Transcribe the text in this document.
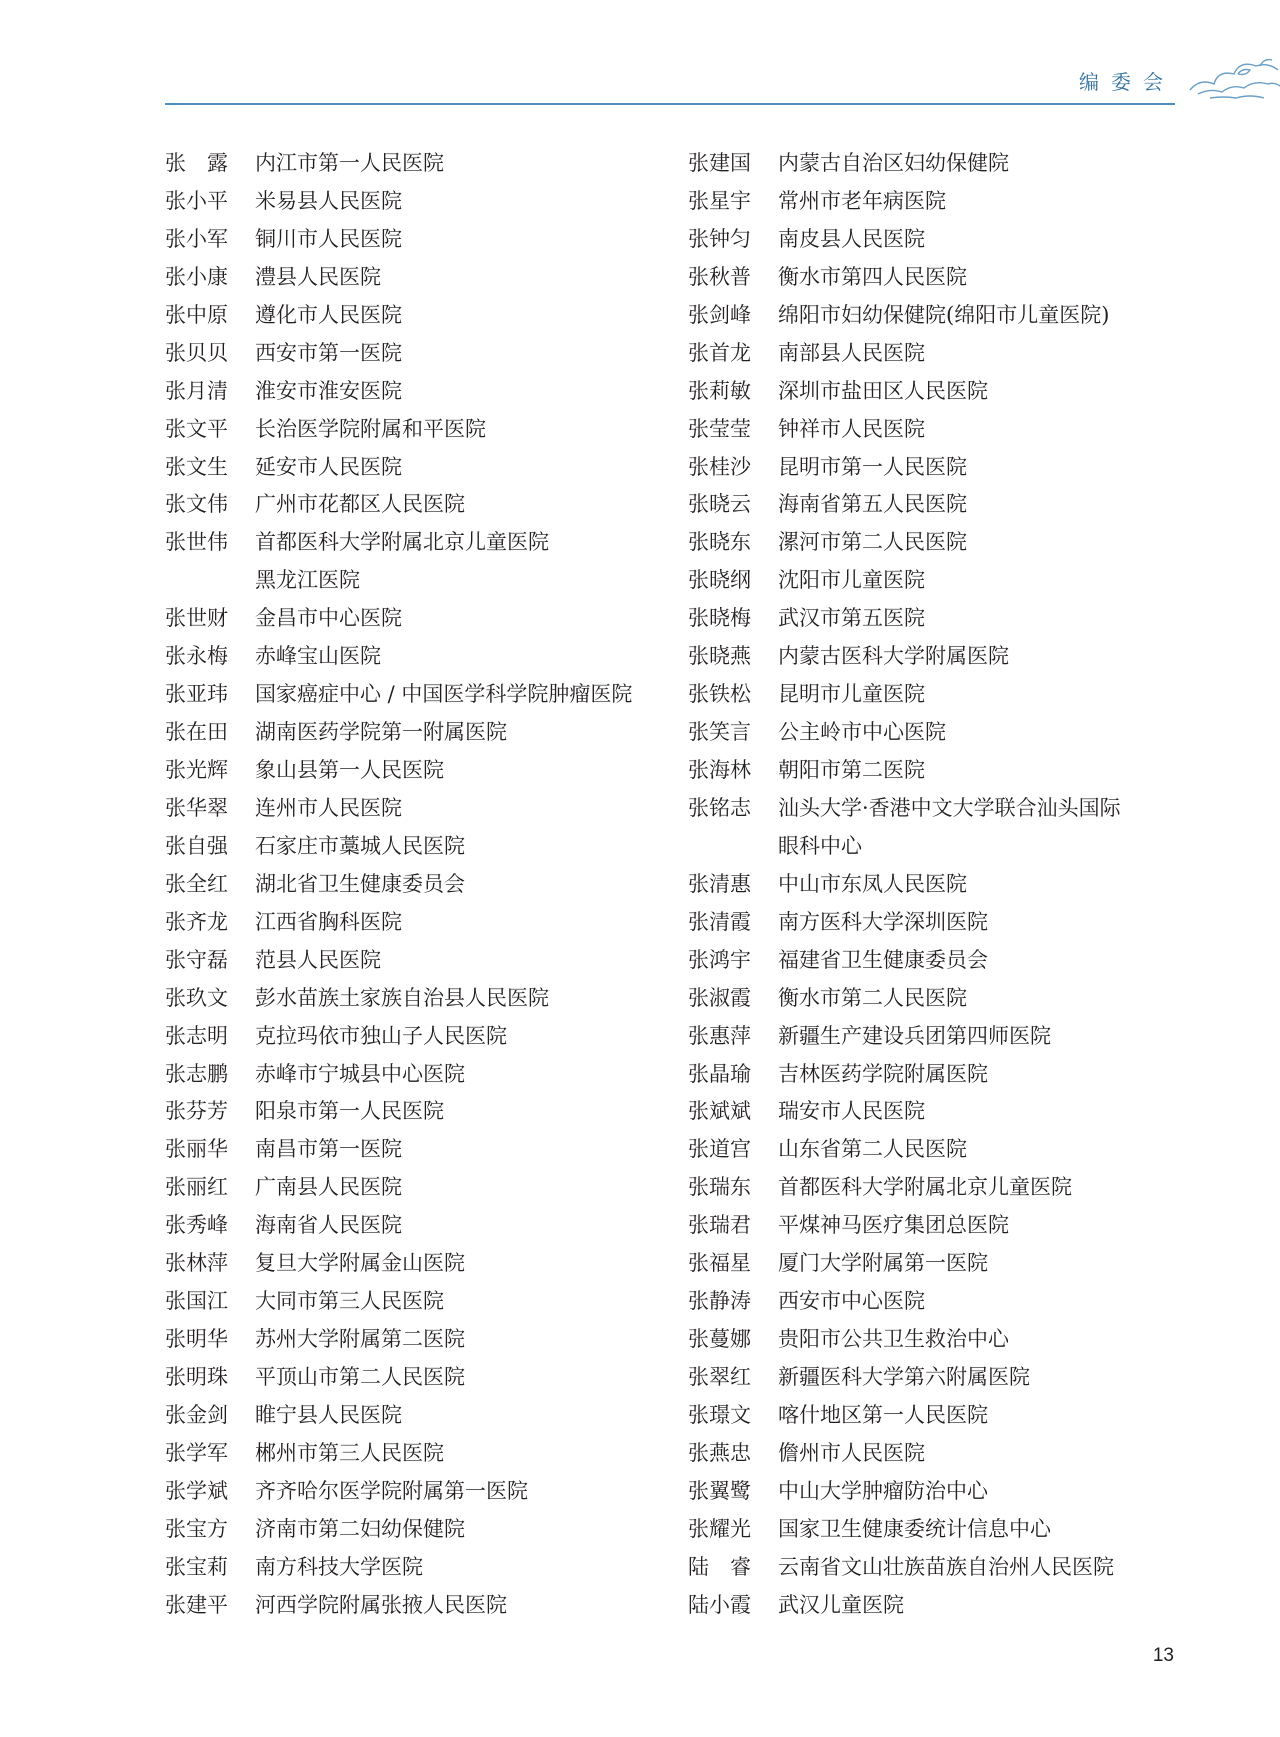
编委会
张　露	内江市第一人民医院
张小平	米易县人民医院
张小军	铜川市人民医院
张小康	澧县人民医院
张中原	遵化市人民医院
张贝贝	西安市第一医院
张月清	淮安市淮安医院
张文平	长治医学院附属和平医院
张文生	延安市人民医院
张文伟	广州市花都区人民医院
张世伟	首都医科大学附属北京儿童医院
黑龙江医院
张世财	金昌市中心医院
张永梅	赤峰宝山医院
张亚玮	国家癌症中心 / 中国医学科学院肿瘤医院
张在田	湖南医药学院第一附属医院
张光辉	象山县第一人民医院
张华翠	连州市人民医院
张自强	石家庄市藁城人民医院
张全红	湖北省卫生健康委员会
张齐龙	江西省胸科医院
张守磊	范县人民医院
张玖文	彭水苗族土家族自治县人民医院
张志明	克拉玛依市独山子人民医院
张志鹏	赤峰市宁城县中心医院
张芬芳	阳泉市第一人民医院
张丽华	南昌市第一医院
张丽红	广南县人民医院
张秀峰	海南省人民医院
张林萍	复旦大学附属金山医院
张国江	大同市第三人民医院
张明华	苏州大学附属第二医院
张明珠	平顶山市第二人民医院
张金剑	睢宁县人民医院
张学军	郴州市第三人民医院
张学斌	齐齐哈尔医学院附属第一医院
张宝方	济南市第二妇幼保健院
张宝莉	南方科技大学医院
张建平	河西学院附属张掖人民医院
张建国	内蒙古自治区妇幼保健院
张星宇	常州市老年病医院
张钟匀	南皮县人民医院
张秋普	衡水市第四人民医院
张剑峰	绵阳市妇幼保健院(绵阳市儿童医院)
张首龙	南部县人民医院
张莉敏	深圳市盐田区人民医院
张莹莹	钟祥市人民医院
张桂沙	昆明市第一人民医院
张晓云	海南省第五人民医院
张晓东	漯河市第二人民医院
张晓纲	沈阳市儿童医院
张晓梅	武汉市第五医院
张晓燕	内蒙古医科大学附属医院
张铁松	昆明市儿童医院
张笑言	公主岭市中心医院
张海林	朝阳市第二医院
张铭志	汕头大学·香港中文大学联合汕头国际
眼科中心
张清惠	中山市东凤人民医院
张清霞	南方医科大学深圳医院
张鸿宇	福建省卫生健康委员会
张淑霞	衡水市第二人民医院
张惠萍	新疆生产建设兵团第四师医院
张晶瑜	吉林医药学院附属医院
张斌斌	瑞安市人民医院
张道宫	山东省第二人民医院
张瑞东	首都医科大学附属北京儿童医院
张瑞君	平煤神马医疗集团总医院
张福星	厦门大学附属第一医院
张静涛	西安市中心医院
张蔓娜	贵阳市公共卫生救治中心
张翠红	新疆医科大学第六附属医院
张璟文	喀什地区第一人民医院
张燕忠	儋州市人民医院
张翼鹭	中山大学肿瘤防治中心
张耀光	国家卫生健康委统计信息中心
陆　睿	云南省文山壮族苗族自治州人民医院
陆小霞	武汉儿童医院
13
